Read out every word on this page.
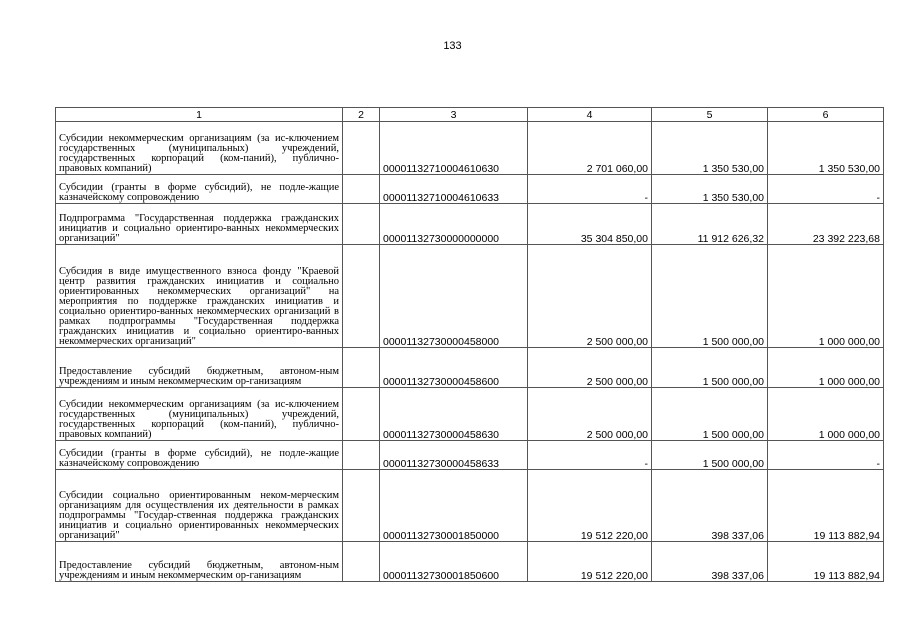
133
1	2	3	4	5	6
Субсидии некоммерческим организациям (за ис-ключением государственных (муниципальных) учреждений, государственных корпораций (ком-паний), публично-правовых компаний)		00001132710004610630	2 701 060,00	1 350 530,00	1 350 530,00
Субсидии (гранты в форме субсидий), не подле-жащие казначейскому сопровождению		00001132710004610633	-	1 350 530,00	-
Подпрограмма "Государственная поддержка гражданских инициатив и социально ориентиро-ванных некоммерческих организаций"		00001132730000000000	35 304 850,00	11 912 626,32	23 392 223,68
Субсидия в виде имущественного взноса фонду "Краевой центр развития гражданских инициатив и социально ориентированных некоммерческих организаций" на мероприятия по поддержке гражданских инициатив и социально ориентиро-ванных некоммерческих организаций в рамках подпрограммы "Государственная поддержка гражданских инициатив и социально ориентиро-ванных некоммерческих организаций"		00001132730000458000	2 500 000,00	1 500 000,00	1 000 000,00
Предоставление субсидий бюджетным, автоном-ным учреждениям и иным некоммерческим ор-ганизациям		00001132730000458600	2 500 000,00	1 500 000,00	1 000 000,00
Субсидии некоммерческим организациям (за ис-ключением государственных (муниципальных) учреждений, государственных корпораций (ком-паний), публично-правовых компаний)		00001132730000458630	2 500 000,00	1 500 000,00	1 000 000,00
Субсидии (гранты в форме субсидий), не подле-жащие казначейскому сопровождению		00001132730000458633	-	1 500 000,00	-
Субсидии социально ориентированным неком-мерческим организациям для осуществления их деятельности в рамках подпрограммы "Государ-ственная поддержка гражданских инициатив и социально ориентированных некоммерческих организаций"		00001132730001850000	19 512 220,00	398 337,06	19 113 882,94
Предоставление субсидий бюджетным, автоном-ным учреждениям и иным некоммерческим ор-ганизациям		00001132730001850600	19 512 220,00	398 337,06	19 113 882,94
